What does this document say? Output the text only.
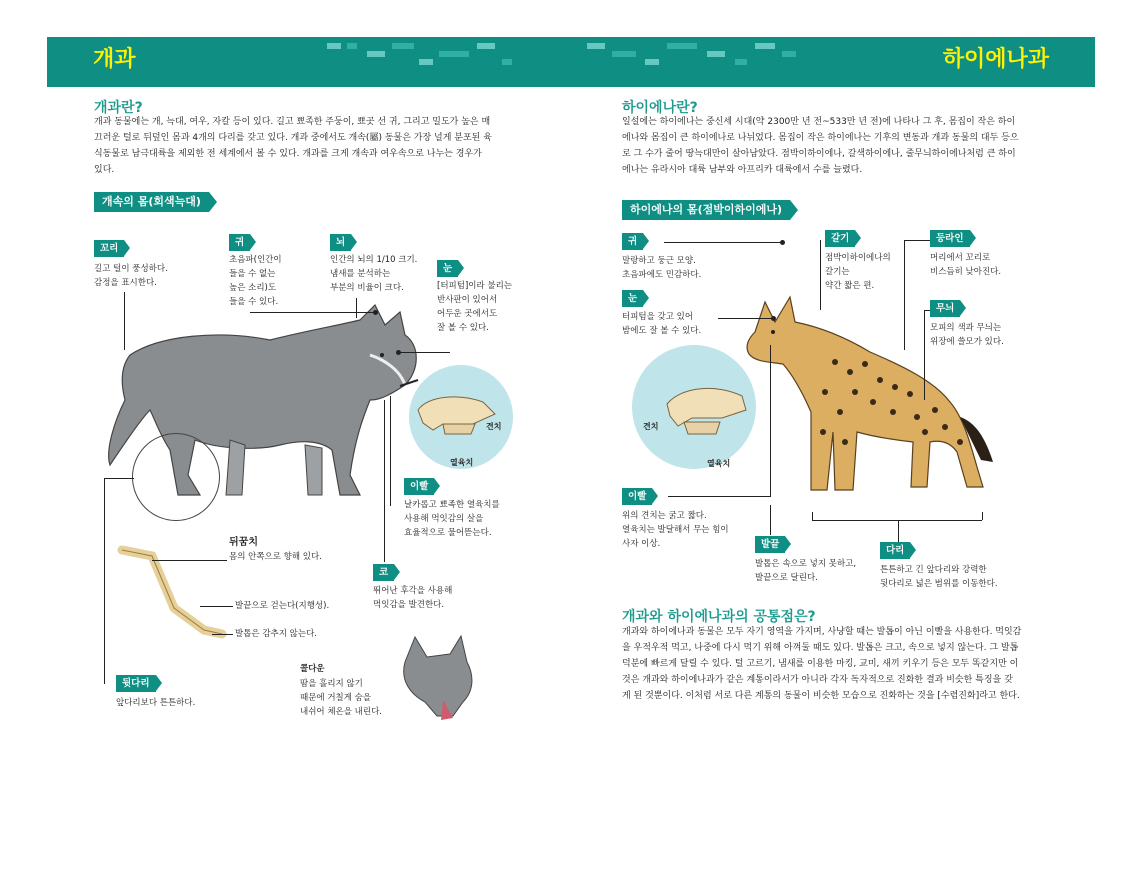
개과	하이에나과
개과란?
개과 동물에는 개, 늑대, 여우, 자칼 등이 있다. 길고 뾰족한 주둥이, 뾰곳 선 귀, 그리고 밀도가 높은 매
끄러운 털로 뒤덮인 몸과 4개의 다리를 갖고 있다. 개과 중에서도 개속(屬) 동물은 가장 널게 분포된 육
식동물로 남극대륙을 제외한 전 세계에서 볼 수 있다. 개과를 크게 개속과 여우속으로 나누는 경우가
있다.
개속의 몸(회색늑대)
견치
열육치
꼬리
길고 털이 풍성하다.
감정을 표시한다.
귀
초음파(인간이
들을 수 없는
높은 소리)도
들을 수 있다.
뇌
인간의 뇌의 1/10 크기.
냄새를 분석하는
부분의 비율이 크다.
눈
[터피텀]이라 불리는
반사판이 있어서
어두운 곳에서도
잘 볼 수 있다.
이빨
날카롭고 뾰족한 열육치를
사용해 먹잇감의 살을
효율적으로 물어뜯는다.
코
뛰어난 후각을 사용해
먹잇감을 발견한다.
뒤꿈치
몸의 안쪽으로 향해 있다.
발끝으로 걷는다(지행성).
발톱은 감추지 않는다.
뒷다리
앞다리보다 튼튼하다.
콜다운
땀을 흘리지 않기
때문에 거칠게 숨을
내쉬어 체온을 내린다.
하이에나란?
일설에는 하이에나는 중신세 시대(약 2300만 년 전~533만 년 전)에 나타나 그 후, 몸집이 작은 하이
에나와 몸집이 큰 하이에나로 나뉘었다. 몸집이 작은 하이에나는 기후의 변동과 개과 동물의 대두 등으
로 그 수가 줄어 땅늑대만이 살아남았다. 점박이하이에나, 갈색하이에나, 줄무늬하이에나처럼 큰 하이
에나는 유라시아 대륙 남부와 아프리카 대륙에서 수를 늘렸다.
하이에나의 몸(점박이하이에나)
견치
열육치
귀
말랑하고 둥근 모양.
초음파에도 민감하다.
눈
터피텀을 갖고 있어
밤에도 잘 볼 수 있다.
갈기
점박이하이에나의
갈기는
약간 짧은 편.
등라인
머리에서 꼬리로
비스듬히 낮아진다.
무늬
모피의 색과 무늬는
위장에 쓸모가 있다.
이빨
위의 견치는 굵고 짧다.
열육치는 발달해서 무는 힘이
사자 이상.	발끝
발톱은 속으로 넣지 못하고,
발끝으로 달린다.
다리
튼튼하고 긴 앞다리와 강력한
뒷다리로 넓은 범위를 이동한다.
개과와 하이에나과의 공통점은?
개과와 하이에나과 동물은 모두 자기 영역을 가지며, 사냥할 때는 발톱이 아닌 이빨을 사용한다. 먹잇감
을 우적우적 먹고, 나중에 다시 먹기 위해 아껴둘 때도 있다. 발톱은 크고, 속으로 넣지 않는다. 그 발톱
덕분에 빠르게 달릴 수 있다. 털 고르기, 냄새를 이용한 마킹, 교미, 새끼 키우기 등은 모두 똑같지만 이
것은 개과와 하이에나과가 같은 계통이라서가 아니라 각자 독자적으로 진화한 결과 비슷한 특징을 갖
게 된 것뿐이다. 이처럼 서로 다른 계통의 동물이 비슷한 모습으로 진화하는 것을 [수렴진화]라고 한다.
